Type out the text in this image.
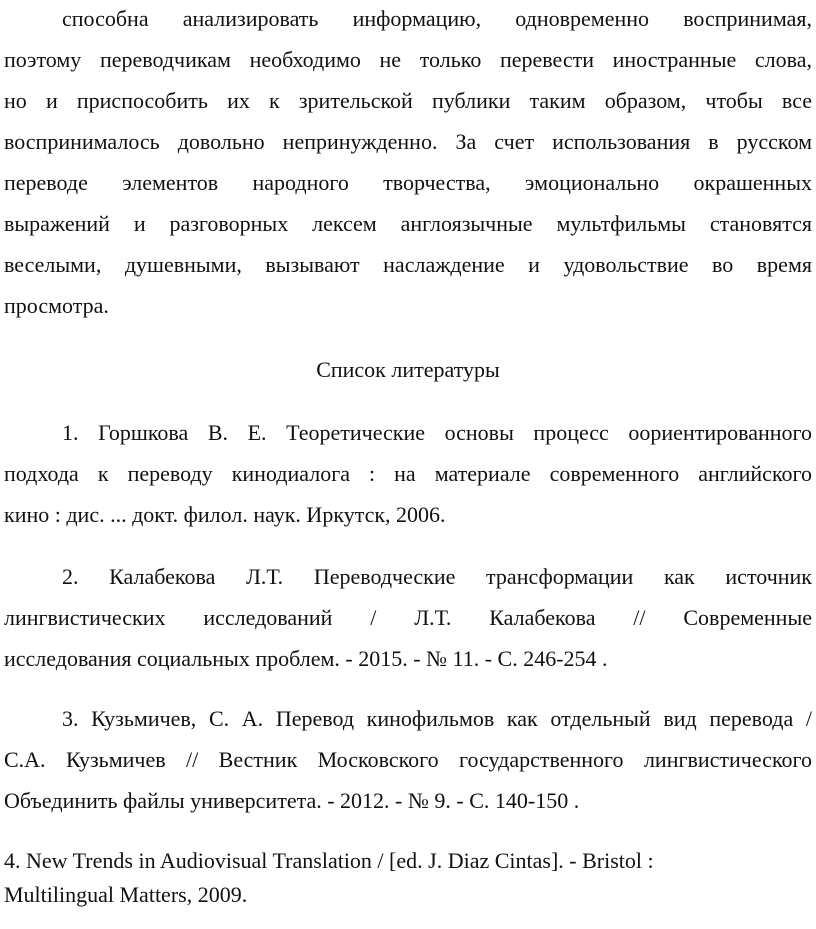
способна анализировать информацию, одновременно воспринимая,
поэтому переводчикам необходимо не только перевести иностранные слова,
но и приспособить их к зрительской публики таким образом, чтобы все
воспринималось довольно непринужденно. За счет использования в русском
переводе элементов народного творчества, эмоционально окрашенных
выражений и разговорных лексем англоязычные мультфильмы становятся
веселыми, душевными, вызывают наслаждение и удовольствие во время
просмотра.
Список литературы
1. Горшкова В. Е. Теоретические основы процесс оориентированного
подхода к переводу кинодиалога : на материале современного английского
кино : дис. ... докт. филол. наук. Иркутск, 2006.
2. Калабекова Л.Т. Переводческие трансформации как источник
лингвистических исследований / Л.Т. Калабекова // Современные
исследования социальных проблем. - 2015. - № 11. - С. 246-254 .
3. Кузьмичев, С. А. Перевод кинофильмов как отдельный вид перевода /
С.А. Кузьмичев // Вестник Московского государственного лингвистического
Объединить файлы университета. - 2012. - № 9. - С. 140-150 .
4. New Trends in Audiovisual Translation / [ed. J. Diaz Cintas]. - Bristol :
Multilingual Matters, 2009.
